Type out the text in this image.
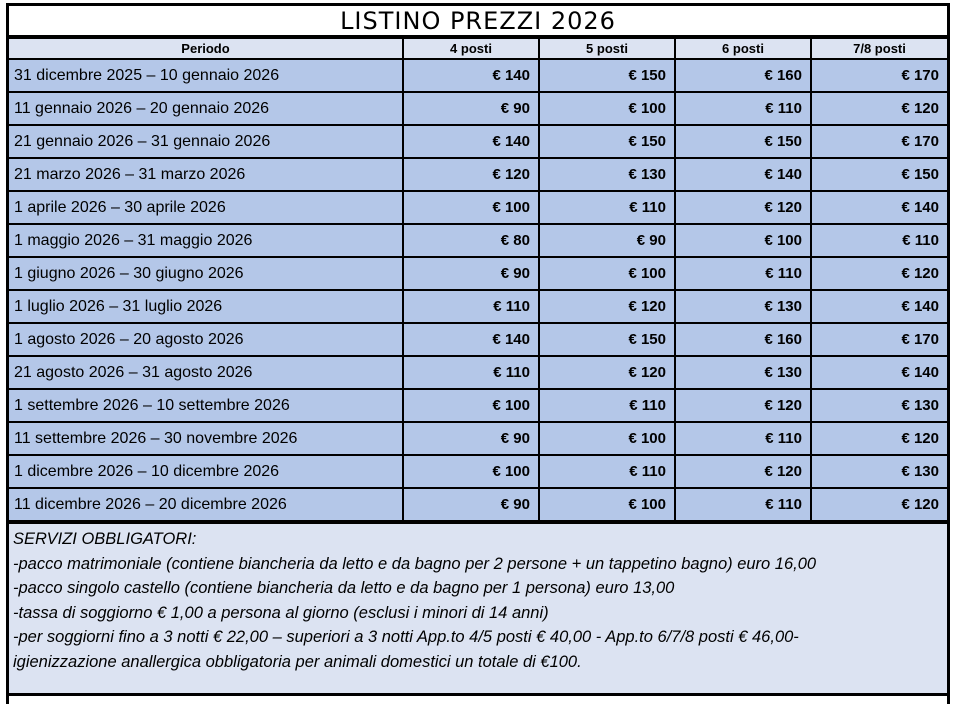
LISTINO PREZZI 2026
Periodo	4 posti	5 posti	6 posti	7/8 posti
31 dicembre 2025 – 10 gennaio 2026	€ 140	€ 150	€ 160	€ 170
11 gennaio 2026 – 20 gennaio 2026	€ 90	€ 100	€ 110	€ 120
21 gennaio 2026 – 31 gennaio 2026	€ 140	€ 150	€ 150	€ 170
21 marzo 2026 – 31 marzo 2026	€ 120	€ 130	€ 140	€ 150
1 aprile 2026 – 30 aprile 2026	€ 100	€ 110	€ 120	€ 140
1 maggio 2026 – 31 maggio 2026	€ 80	€ 90	€ 100	€ 110
1 giugno 2026 – 30 giugno 2026	€ 90	€ 100	€ 110	€ 120
1 luglio 2026 – 31 luglio 2026	€ 110	€ 120	€ 130	€ 140
1 agosto 2026 – 20 agosto 2026	€ 140	€ 150	€ 160	€ 170
21 agosto 2026 – 31 agosto 2026	€ 110	€ 120	€ 130	€ 140
1 settembre 2026 – 10 settembre 2026	€ 100	€ 110	€ 120	€ 130
11 settembre 2026 – 30 novembre 2026	€ 90	€ 100	€ 110	€ 120
1 dicembre 2026 – 10 dicembre 2026	€ 100	€ 110	€ 120	€ 130
11 dicembre 2026 – 20 dicembre 2026	€ 90	€ 100	€ 110	€ 120
SERVIZI OBBLIGATORI:
-pacco matrimoniale (contiene biancheria da letto e da bagno per 2 persone + un tappetino bagno) euro 16,00
-pacco singolo castello (contiene biancheria da letto e da bagno per 1 persona) euro 13,00
-tassa di soggiorno € 1,00 a persona al giorno (esclusi i minori di 14 anni)
-per soggiorni fino a 3 notti € 22,00 – superiori a 3 notti App.to 4/5 posti € 40,00 - App.to 6/7/8 posti € 46,00-
igienizzazione anallergica obbligatoria per animali domestici un totale di €100.
